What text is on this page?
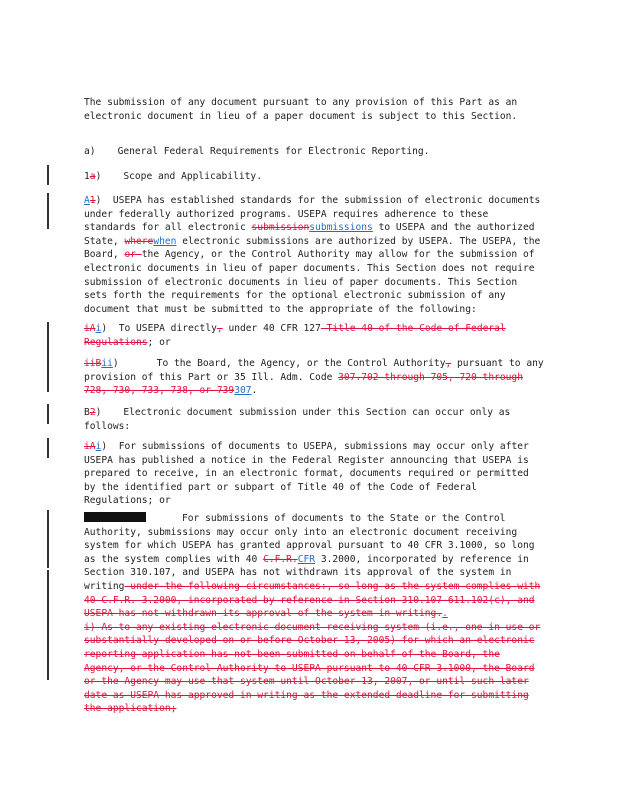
The submission of any document pursuant to any provision of this Part as an electronic document in lieu of a paper document is subject to this Section.

a) General Federal Requirements for Electronic Reporting.

1a) Scope and Applicability.

A1) USEPA has established standards for the submission of electronic documents under federally authorized programs. USEPA requires adherence to these standards for all electronic submissionsubmissions to USEPA and the authorized State, wherewhen electronic submissions are authorized by USEPA. The USEPA, the Board, or the Agency, or the Control Authority may allow for the submission of electronic documents in lieu of paper documents. This Section does not require submission of electronic documents in lieu of paper documents. This Section sets forth the requirements for the optional electronic submission of any document that must be submitted to the appropriate of the following:

iAi) To USEPA directly, under 40 CFR 127 Title 40 of the Code of Federal Regulations; or

iiBii)	To the Board, the Agency, or the Control Authority, pursuant to any provision of this Part or 35 Ill. Adm. Code 307.702 through 705, 720 through 728, 730, 733, 738, or 739307.

B2) Electronic document submission under this Section can occur only as follows:

iAi) For submissions of documents to USEPA, submissions may occur only after USEPA has published a notice in the Federal Register announcing that USEPA is prepared to receive, in an electronic format, documents required or permitted by the identified part or subpart of Title 40 of the Code of Federal Regulations; or

For submissions of documents to the State or the Control Authority, submissions may occur only into an electronic document receiving system for which USEPA has granted approval pursuant to 40 CFR 3.1000, so long as the system complies with 40 C.F.R.CFR 3.2000, incorporated by reference in Section 310.107, and USEPA has not withdrawn its approval of the system in writing under the following circumstances:, so long as the system complies with 40 C.F.R. 3.2000, incorporated by reference in Section 310.107 611.102(c), and USEPA has not withdrawn its approval of the system in writing..
i) As to any existing electronic document receiving system (i.e., one in use or substantially developed on or before October 13, 2005) for which an electronic reporting application has not been submitted on behalf of the Board, the Agency, or the Control Authority to USEPA pursuant to 40 CFR 3.1000, the Board or the Agency may use that system until October 13, 2007, or until such later date as USEPA has approved in writing as the extended deadline for submitting the application;
